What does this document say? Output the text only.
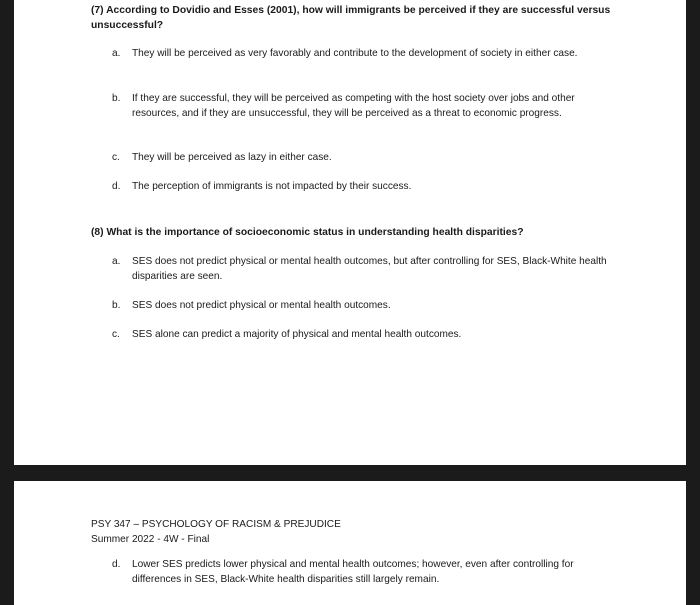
(7) According to Dovidio and Esses (2001), how will immigrants be perceived if they are successful versus unsuccessful?
a.	They will be perceived as very favorably and contribute to the development of society in either case.
b.	If they are successful, they will be perceived as competing with the host society over jobs and other resources, and if they are unsuccessful, they will be perceived as a threat to economic progress.
c.	They will be perceived as lazy in either case.
d.	The perception of immigrants is not impacted by their success.
(8) What is the importance of socioeconomic status in understanding health disparities?
a.	SES does not predict physical or mental health outcomes, but after controlling for SES, Black-White health disparities are seen.
b.	SES does not predict physical or mental health outcomes.
c.	SES alone can predict a majority of physical and mental health outcomes.
PSY 347 – PSYCHOLOGY OF RACISM & PREJUDICE
Summer 2022 - 4W - Final
d.	Lower SES predicts lower physical and mental health outcomes; however, even after controlling for differences in SES, Black-White health disparities still largely remain.
